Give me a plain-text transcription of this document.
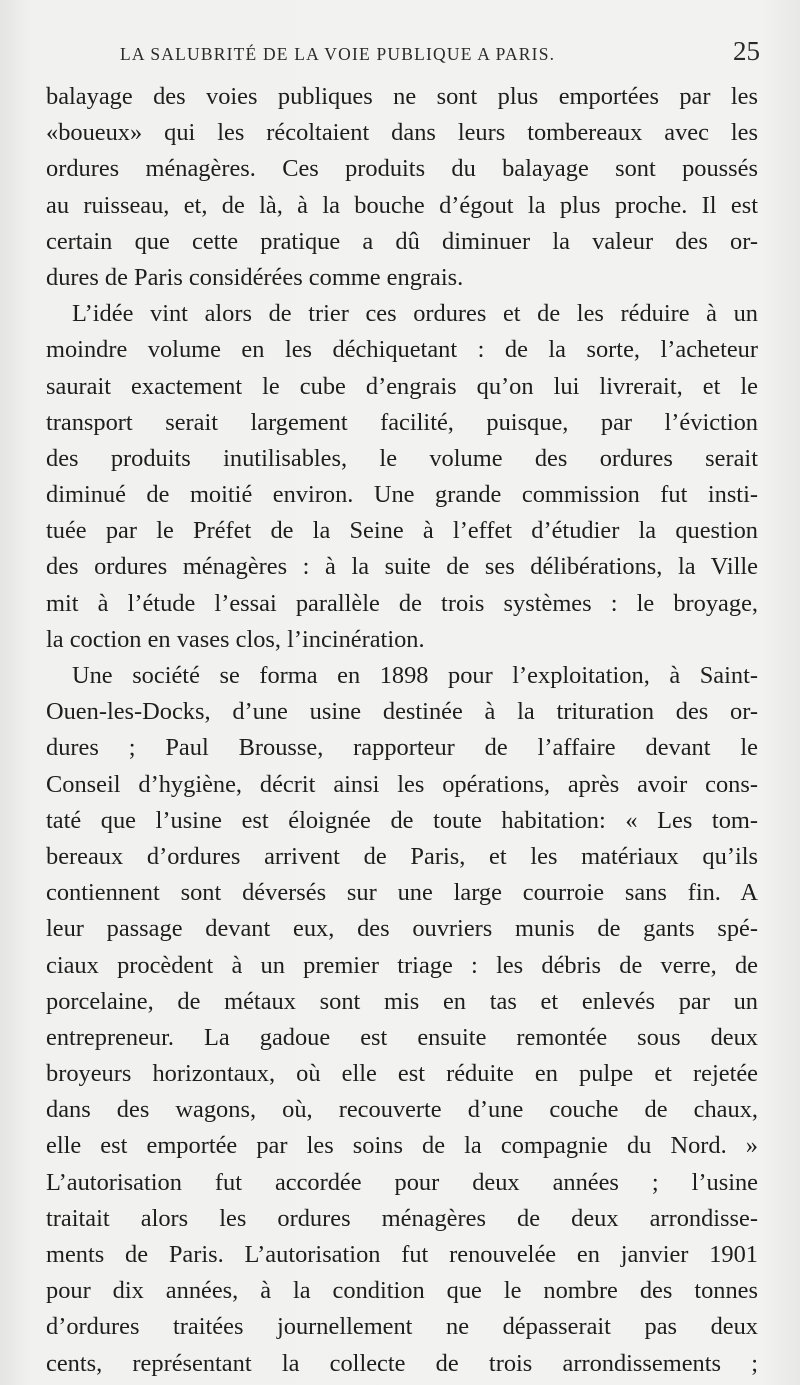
LA SALUBRITÉ DE LA VOIE PUBLIQUE A PARIS.	25
balayage des voies publiques ne sont plus emportées par les
«boueux» qui les récoltaient dans leurs tombereaux avec les
ordures ménagères. Ces produits du balayage sont poussés
au ruisseau, et, de là, à la bouche d’égout la plus proche. Il est
certain que cette pratique a dû diminuer la valeur des or-
dures de Paris considérées comme engrais.
L’idée vint alors de trier ces ordures et de les réduire à un
moindre volume en les déchiquetant : de la sorte, l’acheteur
saurait exactement le cube d’engrais qu’on lui livrerait, et le
transport serait largement facilité, puisque, par l’éviction
des produits inutilisables, le volume des ordures serait
diminué de moitié environ. Une grande commission fut insti-
tuée par le Préfet de la Seine à l’effet d’étudier la question
des ordures ménagères : à la suite de ses délibérations, la Ville
mit à l’étude l’essai parallèle de trois systèmes : le broyage,
la coction en vases clos, l’incinération.
Une société se forma en 1898 pour l’exploitation, à Saint-
Ouen-les-Docks, d’une usine destinée à la trituration des or-
dures ; Paul Brousse, rapporteur de l’affaire devant le
Conseil d’hygiène, décrit ainsi les opérations, après avoir cons-
taté que l’usine est éloignée de toute habitation: « Les tom-
bereaux d’ordures arrivent de Paris, et les matériaux qu’ils
contiennent sont déversés sur une large courroie sans fin. A
leur passage devant eux, des ouvriers munis de gants spé-
ciaux procèdent à un premier triage : les débris de verre, de
porcelaine, de métaux sont mis en tas et enlevés par un
entrepreneur. La gadoue est ensuite remontée sous deux
broyeurs horizontaux, où elle est réduite en pulpe et rejetée
dans des wagons, où, recouverte d’une couche de chaux,
elle est emportée par les soins de la compagnie du Nord. »
L’autorisation fut accordée pour deux années ; l’usine
traitait alors les ordures ménagères de deux arrondisse-
ments de Paris. L’autorisation fut renouvelée en janvier 1901
pour dix années, à la condition que le nombre des tonnes
d’ordures traitées journellement ne dépasserait pas deux
cents, représentant la collecte de trois arrondissements ;
